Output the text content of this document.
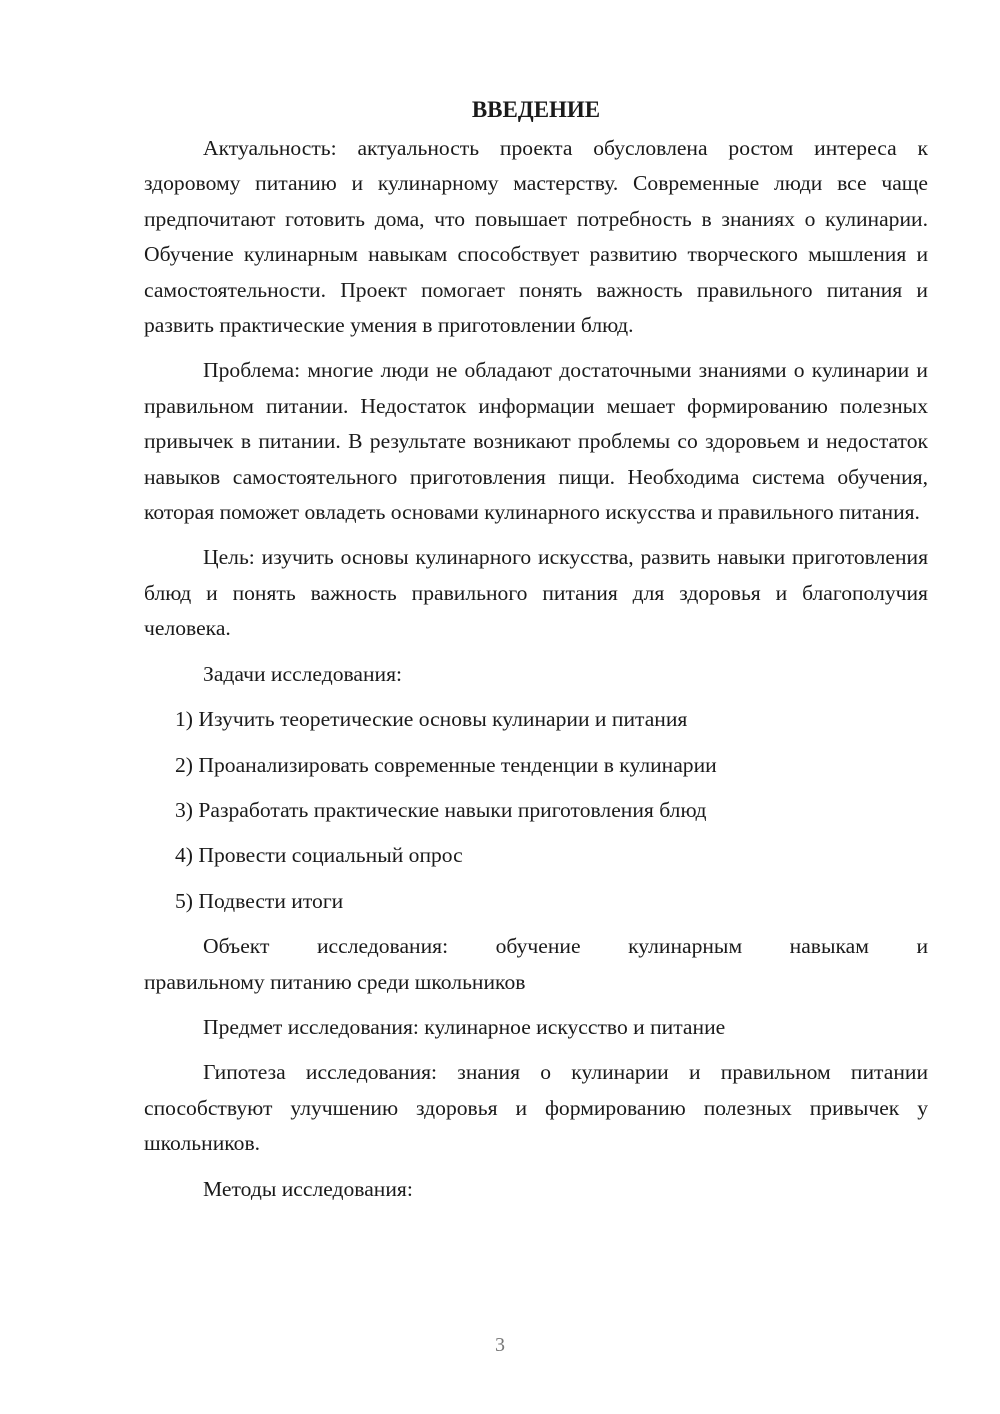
ВВЕДЕНИЕ

Актуальность: актуальность проекта обусловлена ростом интереса к здоровому питанию и кулинарному мастерству. Современные люди все чаще предпочитают готовить дома, что повышает потребность в знаниях о кулинарии. Обучение кулинарным навыкам способствует развитию творческого мышления и самостоятельности. Проект помогает понять важность правильного питания и развить практические умения в приготовлении блюд.

Проблема: многие люди не обладают достаточными знаниями о кулинарии и правильном питании. Недостаток информации мешает формированию полезных привычек в питании. В результате возникают проблемы со здоровьем и недостаток навыков самостоятельного приготовления пищи. Необходима система обучения, которая поможет овладеть основами кулинарного искусства и правильного питания.

Цель: изучить основы кулинарного искусства, развить навыки приготовления блюд и понять важность правильного питания для здоровья и благополучия человека.

Задачи исследования:

1) Изучить теоретические основы кулинарии и питания
2) Проанализировать современные тенденции в кулинарии
3) Разработать практические навыки приготовления блюд
4) Провести социальный опрос
5) Подвести итоги
Объект исследования: обучение кулинарным навыкам и
правильному питанию среди школьников

Предмет исследования: кулинарное искусство и питание

Гипотеза исследования: знания о кулинарии и правильном питании способствуют улучшению здоровья и формированию полезных привычек у школьников.

Методы исследования:

3
